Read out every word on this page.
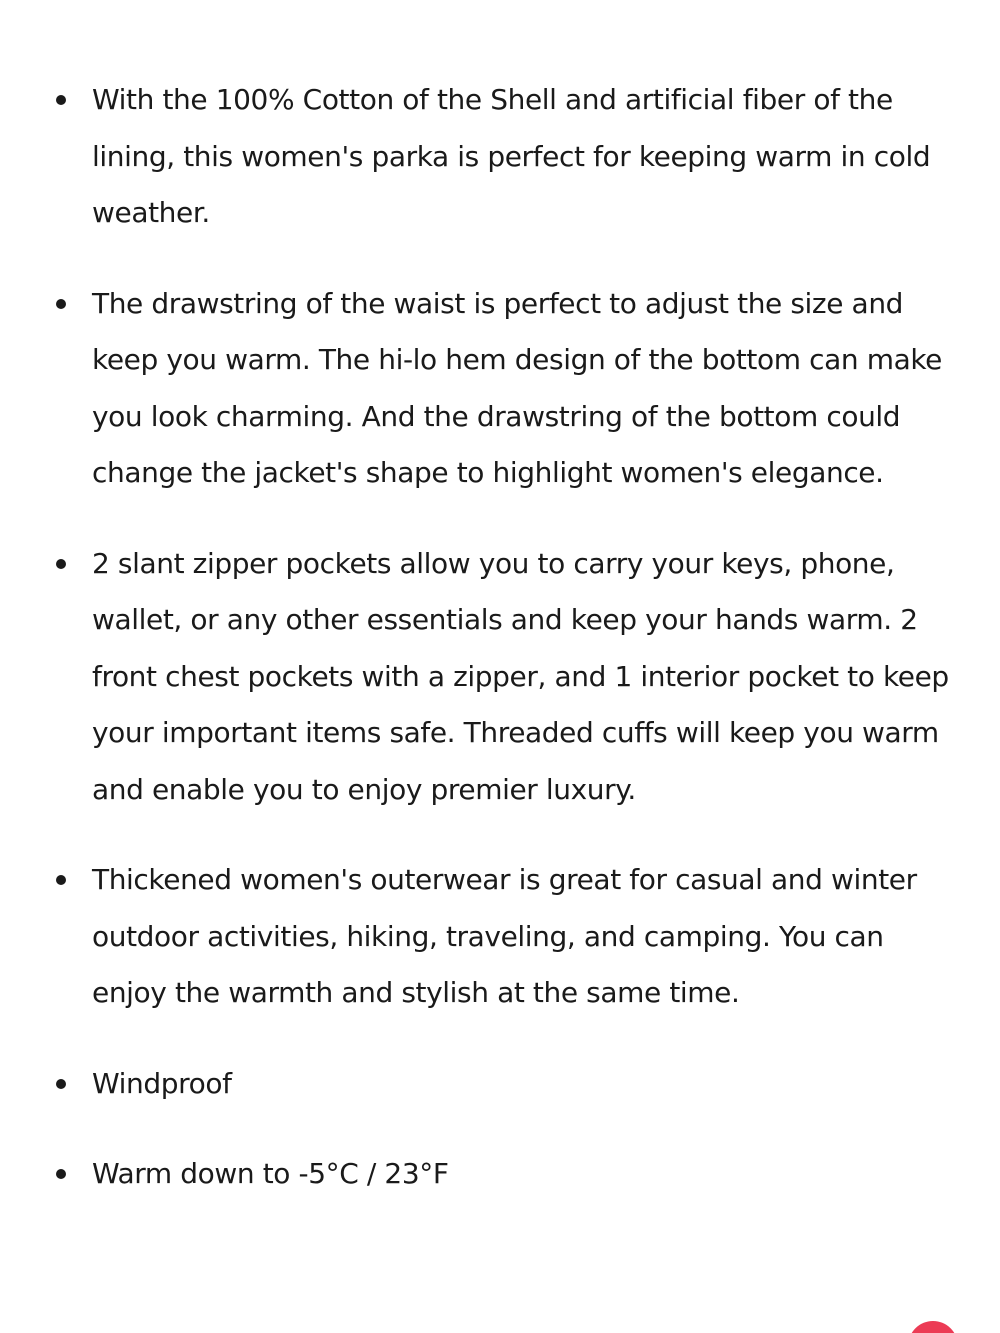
With the 100% Cotton of the Shell and artificial fiber of the lining, this women's parka is perfect for keeping warm in cold weather.
The drawstring of the waist is perfect to adjust the size and keep you warm. The hi-lo hem design of the bottom can make you look charming. And the drawstring of the bottom could change the jacket's shape to highlight women's elegance.
2 slant zipper pockets allow you to carry your keys, phone, wallet, or any other essentials and keep your hands warm. 2 front chest pockets with a zipper, and 1 interior pocket to keep your important items safe. Threaded cuffs will keep you warm and enable you to enjoy premier luxury.
Thickened women's outerwear is great for casual and winter outdoor activities, hiking, traveling, and camping. You can enjoy the warmth and stylish at the same time.
Windproof
Warm down to -5°C / 23°F
